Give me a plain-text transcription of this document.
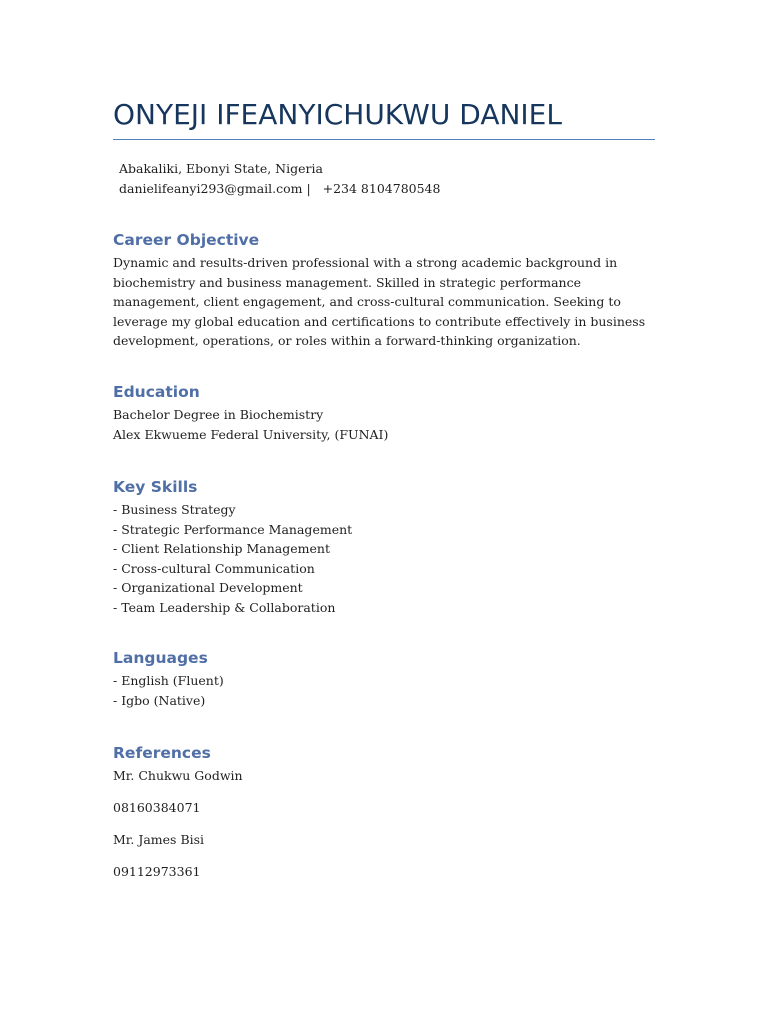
ONYEJI IFEANYICHUKWU DANIEL
Abakaliki, Ebonyi State, Nigeria
danielifeanyi293@gmail.com | +234 8104780548
Career Objective

Dynamic and results-driven professional with a strong academic background in biochemistry and business management. Skilled in strategic performance management, client engagement, and cross-cultural communication. Seeking to leverage my global education and certifications to contribute effectively in business development, operations, or roles within a forward-thinking organization.

Education
Bachelor Degree in Biochemistry
Alex Ekwueme Federal University, (FUNAI)
Key Skills
- Business Strategy
- Strategic Performance Management
- Client Relationship Management
- Cross-cultural Communication
- Organizational Development
- Team Leadership & Collaboration
Languages
- English (Fluent)
- Igbo (Native)
References
Mr. Chukwu Godwin
08160384071
Mr. James Bisi
09112973361
